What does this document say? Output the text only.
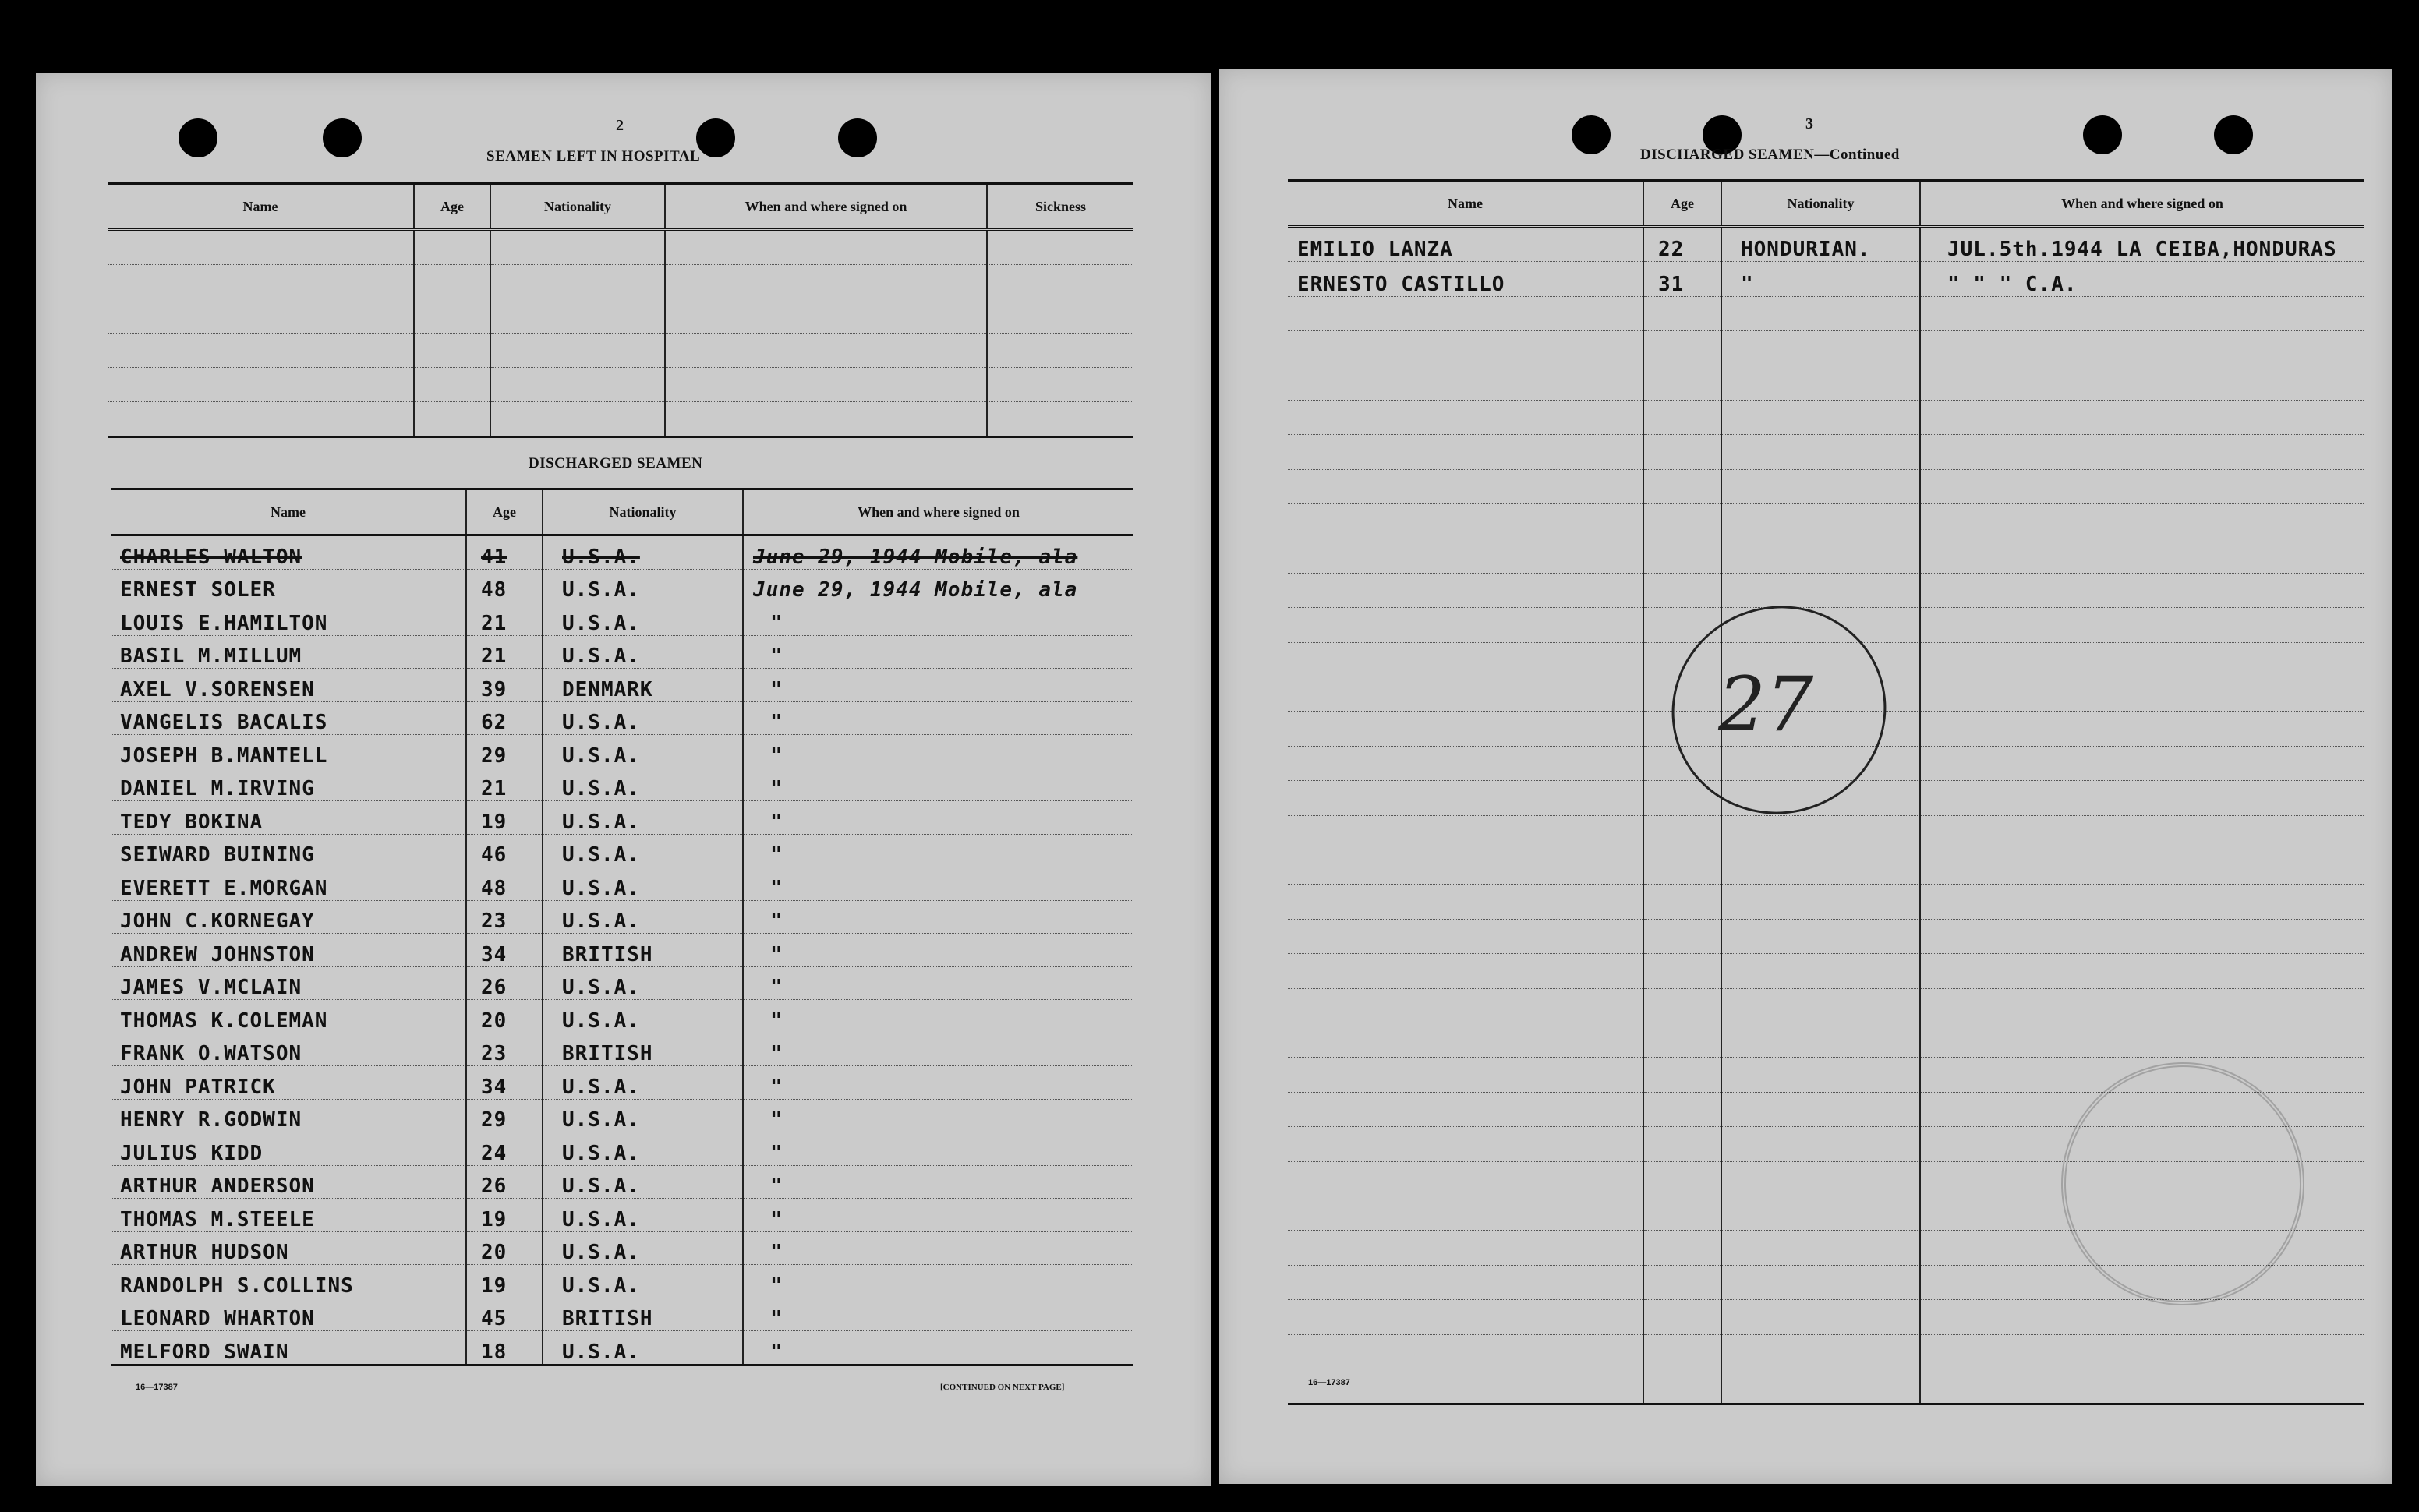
2
SEAMEN LEFT IN HOSPITAL
Name	Age	Nationality	When and where signed on	Sickness

DISCHARGED SEAMEN
Name	Age	Nationality	When and where signed on
CHARLES WALTON	41	U.S.A.	June 29, 1944 Mobile, ala
ERNEST SOLER	48	U.S.A.	June 29, 1944 Mobile, ala
LOUIS E.HAMILTON	21	U.S.A.	"
BASIL M.MILLUM	21	U.S.A.	"
AXEL V.SORENSEN	39	DENMARK	"
VANGELIS BACALIS	62	U.S.A.	"
JOSEPH B.MANTELL	29	U.S.A.	"
DANIEL M.IRVING	21	U.S.A.	"
TEDY BOKINA	19	U.S.A.	"
SEIWARD BUINING	46	U.S.A.	"
EVERETT E.MORGAN	48	U.S.A.	"
JOHN C.KORNEGAY	23	U.S.A.	"
ANDREW JOHNSTON	34	BRITISH	"
JAMES V.MCLAIN	26	U.S.A.	"
THOMAS K.COLEMAN	20	U.S.A.	"
FRANK O.WATSON	23	BRITISH	"
JOHN PATRICK	34	U.S.A.	"
HENRY R.GODWIN	29	U.S.A.	"
JULIUS KIDD	24	U.S.A.	"
ARTHUR ANDERSON	26	U.S.A.	"
THOMAS M.STEELE	19	U.S.A.	"
ARTHUR HUDSON	20	U.S.A.	"
RANDOLPH S.COLLINS	19	U.S.A.	"
LEONARD WHARTON	45	BRITISH	"
MELFORD SWAIN	18	U.S.A.	"
16—17387	[CONTINUED ON NEXT PAGE]
3
DISCHARGED SEAMEN—Continued
Name	Age	Nationality	When and where signed on
EMILIO LANZA	22	HONDURIAN.	JUL.5th.1944 LA CEIBA,HONDURAS
ERNESTO CASTILLO	31	"	" " " C.A.

27
16—17387
